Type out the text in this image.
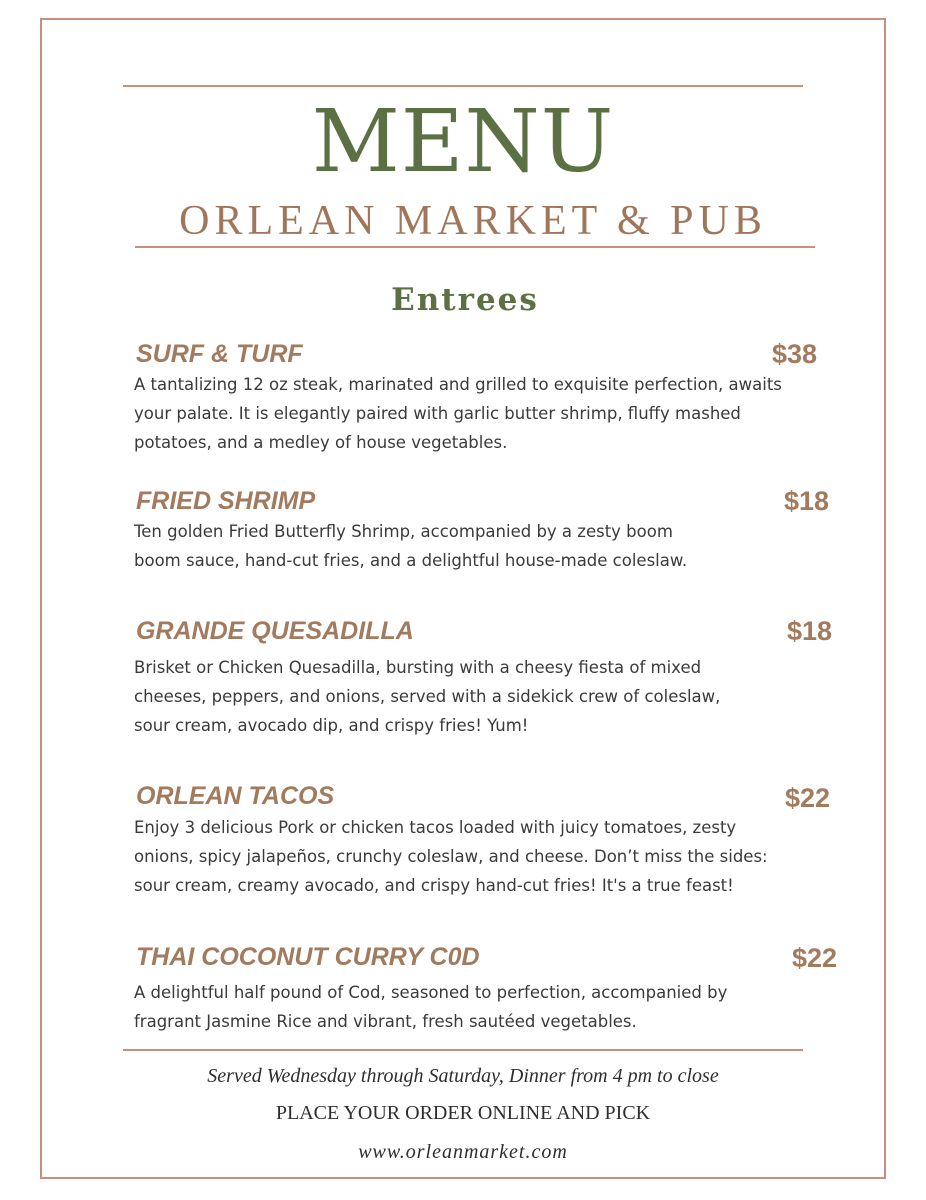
MENU
ORLEAN MARKET & PUB
Entrees
SURF & TURF	$38

A tantalizing 12 oz steak, marinated and grilled to exquisite perfection, awaits
your palate. It is elegantly paired with garlic butter shrimp, fluffy mashed
potatoes, and a medley of house vegetables.

FRIED SHRIMP	$18

Ten golden Fried Butterfly Shrimp, accompanied by a zesty boom
boom sauce, hand-cut fries, and a delightful house-made coleslaw.

GRANDE QUESADILLA	$18

Brisket or Chicken Quesadilla, bursting with a cheesy fiesta of mixed
cheeses, peppers, and onions, served with a sidekick crew of coleslaw,
sour cream, avocado dip, and crispy fries! Yum!

ORLEAN TACOS	$22

Enjoy 3 delicious Pork or chicken tacos loaded with juicy tomatoes, zesty
onions, spicy jalapeños, crunchy coleslaw, and cheese. Don’t miss the sides:
sour cream, creamy avocado, and crispy hand-cut fries! It's a true feast!

THAI COCONUT CURRY C0D	$22

A delightful half pound of Cod, seasoned to perfection, accompanied by
fragrant Jasmine Rice and vibrant, fresh sautéed vegetables.

Served Wednesday through Saturday, Dinner from 4 pm to close
PLACE YOUR ORDER ONLINE AND PICK
www.orleanmarket.com
